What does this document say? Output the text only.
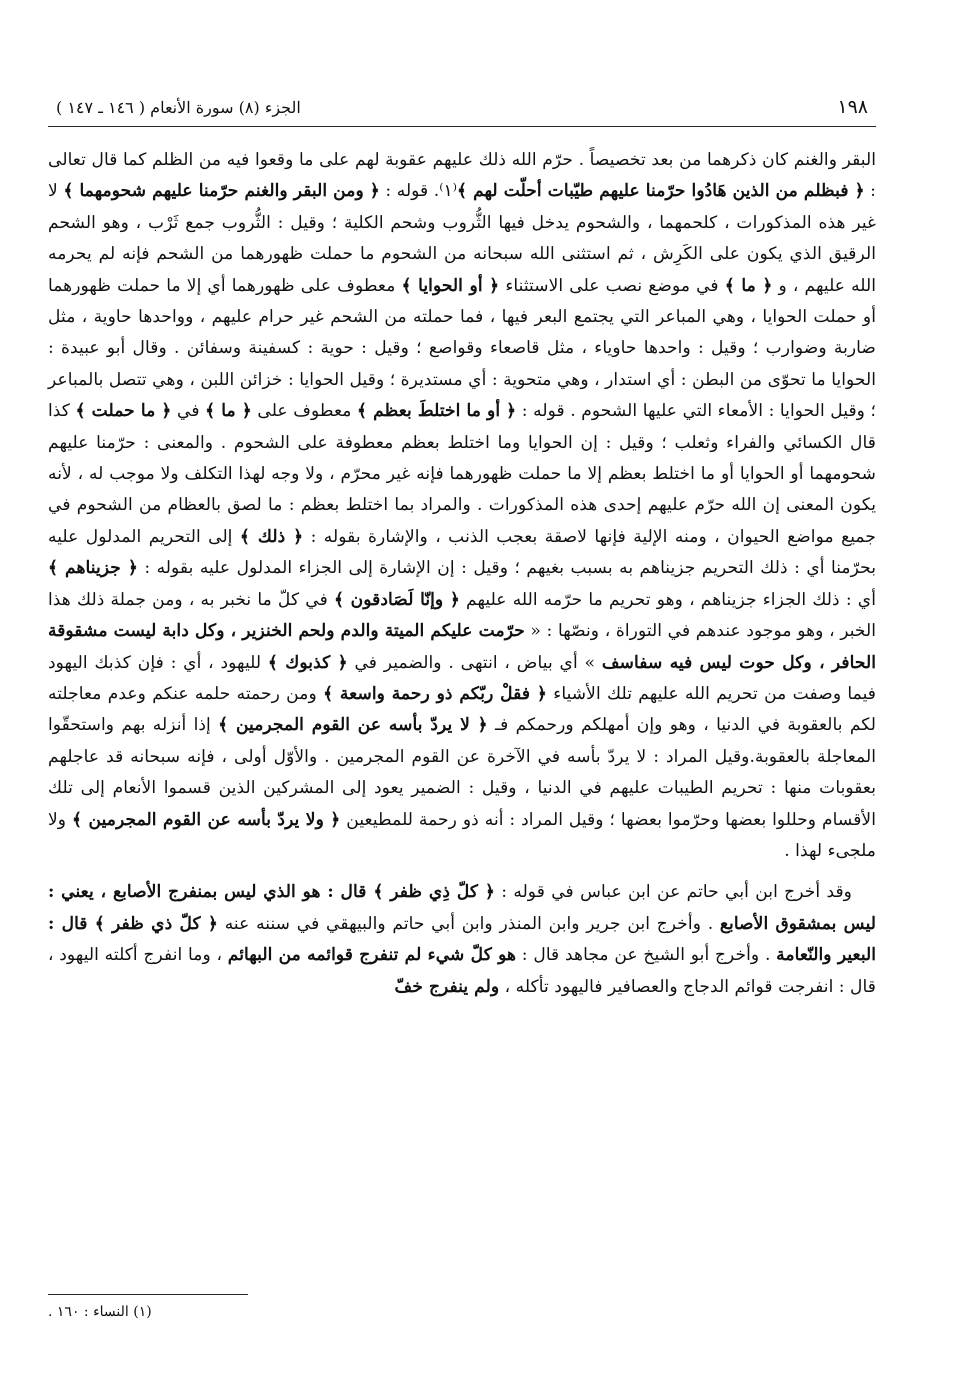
١٩٨
الجزء (٨) سورة الأنعام ( ١٤٦ ـ ١٤٧ )

البقر والغنم كان ذكرهما من بعد تخصيصاً . حرّم الله ذلك عليهم عقوبة لهم على ما وقعوا فيه من الظلم كما قال تعالى : ﴿ فبظلم من الذين هَادُوا حرّمنا عليهم طيّبات أحلّت لهم ﴾⁽١⁾. قوله : ﴿ ومن البقر والغنم حرّمنا عليهم شحومهما ﴾ لا غير هذه المذكورات ، كلحمهما ، والشحوم يدخل فيها الثُّروب وشحم الكلية ؛ وقيل : الثُّروب جمع ثَرْب ، وهو الشحم الرقيق الذي يكون على الكَرِش ، ثم استثنى الله سبحانه من الشحوم ما حملت ظهورهما من الشحم فإنه لم يحرمه الله عليهم ، و ﴿ ما ﴾ في موضع نصب على الاستثناء ﴿ أو الحوايا ﴾ معطوف على ظهورهما أي إلا ما حملت ظهورهما أو حملت الحوايا ، وهي المباعر التي يجتمع البعر فيها ، فما حملته من الشحم غير حرام عليهم ، وواحدها حاوية ، مثل ضاربة وضوارب ؛ وقيل : واحدها حاوياء ، مثل قاصعاء وقواصع ؛ وقيل : حوية : كسفينة وسفائن . وقال أبو عبيدة : الحوايا ما تحوّى من البطن : أي استدار ، وهي متحوية : أي مستديرة ؛ وقيل الحوايا : خزائن اللبن ، وهي تتصل بالمباعر ؛ وقيل الحوايا : الأمعاء التي عليها الشحوم . قوله : ﴿ أو ما اختلطَ بعظم ﴾ معطوف على ﴿ ما ﴾ في ﴿ ما حملت ﴾ كذا قال الكسائي والفراء وثعلب ؛ وقيل : إن الحوايا وما اختلط بعظم معطوفة على الشحوم . والمعنى : حرّمنا عليهم شحومهما أو الحوايا أو ما اختلط بعظم إلا ما حملت ظهورهما فإنه غير محرّم ، ولا وجه لهذا التكلف ولا موجب له ، لأنه يكون المعنى إن الله حرّم عليهم إحدى هذه المذكورات . والمراد بما اختلط بعظم : ما لصق بالعظام من الشحوم في جميع مواضع الحيوان ، ومنه الإلية فإنها لاصقة بعجب الذنب ، والإشارة بقوله : ﴿ ذلك ﴾ إلى التحريم المدلول عليه بحرّمنا أي : ذلك التحريم جزيناهم به بسبب بغيهم ؛ وقيل : إن الإشارة إلى الجزاء المدلول عليه بقوله : ﴿ جزيناهم ﴾ أي : ذلك الجزاء جزيناهم ، وهو تحريم ما حرّمه الله عليهم ﴿ وإنّا لَصَادقون ﴾ في كلّ ما نخبر به ، ومن جملة ذلك هذا الخبر ، وهو موجود عندهم في التوراة ، ونصّها : « حرّمت عليكم الميتة والدم ولحم الخنزير ، وكل دابة ليست مشقوقة الحافر ، وكل حوت ليس فيه سفاسف » أي بياض ، انتهى . والضمير في ﴿ كذبوك ﴾ لليهود ، أي : فإن كذبك اليهود فيما وصفت من تحريم الله عليهم تلك الأشياء ﴿ فقلْ ربّكم ذو رحمة واسعة ﴾ ومن رحمته حلمه عنكم وعدم معاجلته لكم بالعقوبة في الدنيا ، وهو وإن أمهلكم ورحمكم فـ ﴿ لا يردّ بأسه عن القوم المجرمين ﴾ إذا أنزله بهم واستحقّوا المعاجلة بالعقوبة.وقيل المراد : لا يردّ بأسه في الآخرة عن القوم المجرمين . والأوّل أولى ، فإنه سبحانه قد عاجلهم بعقوبات منها : تحريم الطيبات عليهم في الدنيا ، وقيل : الضمير يعود إلى المشركين الذين قسموا الأنعام إلى تلك الأقسام وحللوا بعضها وحرّموا بعضها ؛ وقيل المراد : أنه ذو رحمة للمطيعين ﴿ ولا يردّ بأسه عن القوم المجرمين ﴾ ولا ملجىء لهذا .

وقد أخرج ابن أبي حاتم عن ابن عباس في قوله : ﴿ كلّ ذِي ظفر ﴾ قال : هو الذي ليس بمنفرج الأصابع ، يعني : ليس بمشقوق الأصابع . وأخرج ابن جرير وابن المنذر وابن أبي حاتم والبيهقي في سننه عنه ﴿ كلّ ذي ظفر ﴾ قال : البعير والنّعامة . وأخرج أبو الشيخ عن مجاهد قال : هو كلّ شيء لم تنفرج قوائمه من البهائم ، وما انفرج أكلته اليهود ، قال : انفرجت قوائم الدجاج والعصافير فاليهود تأكله ، ولم ينفرج خفّ

(١) النساء : ١٦٠ .
